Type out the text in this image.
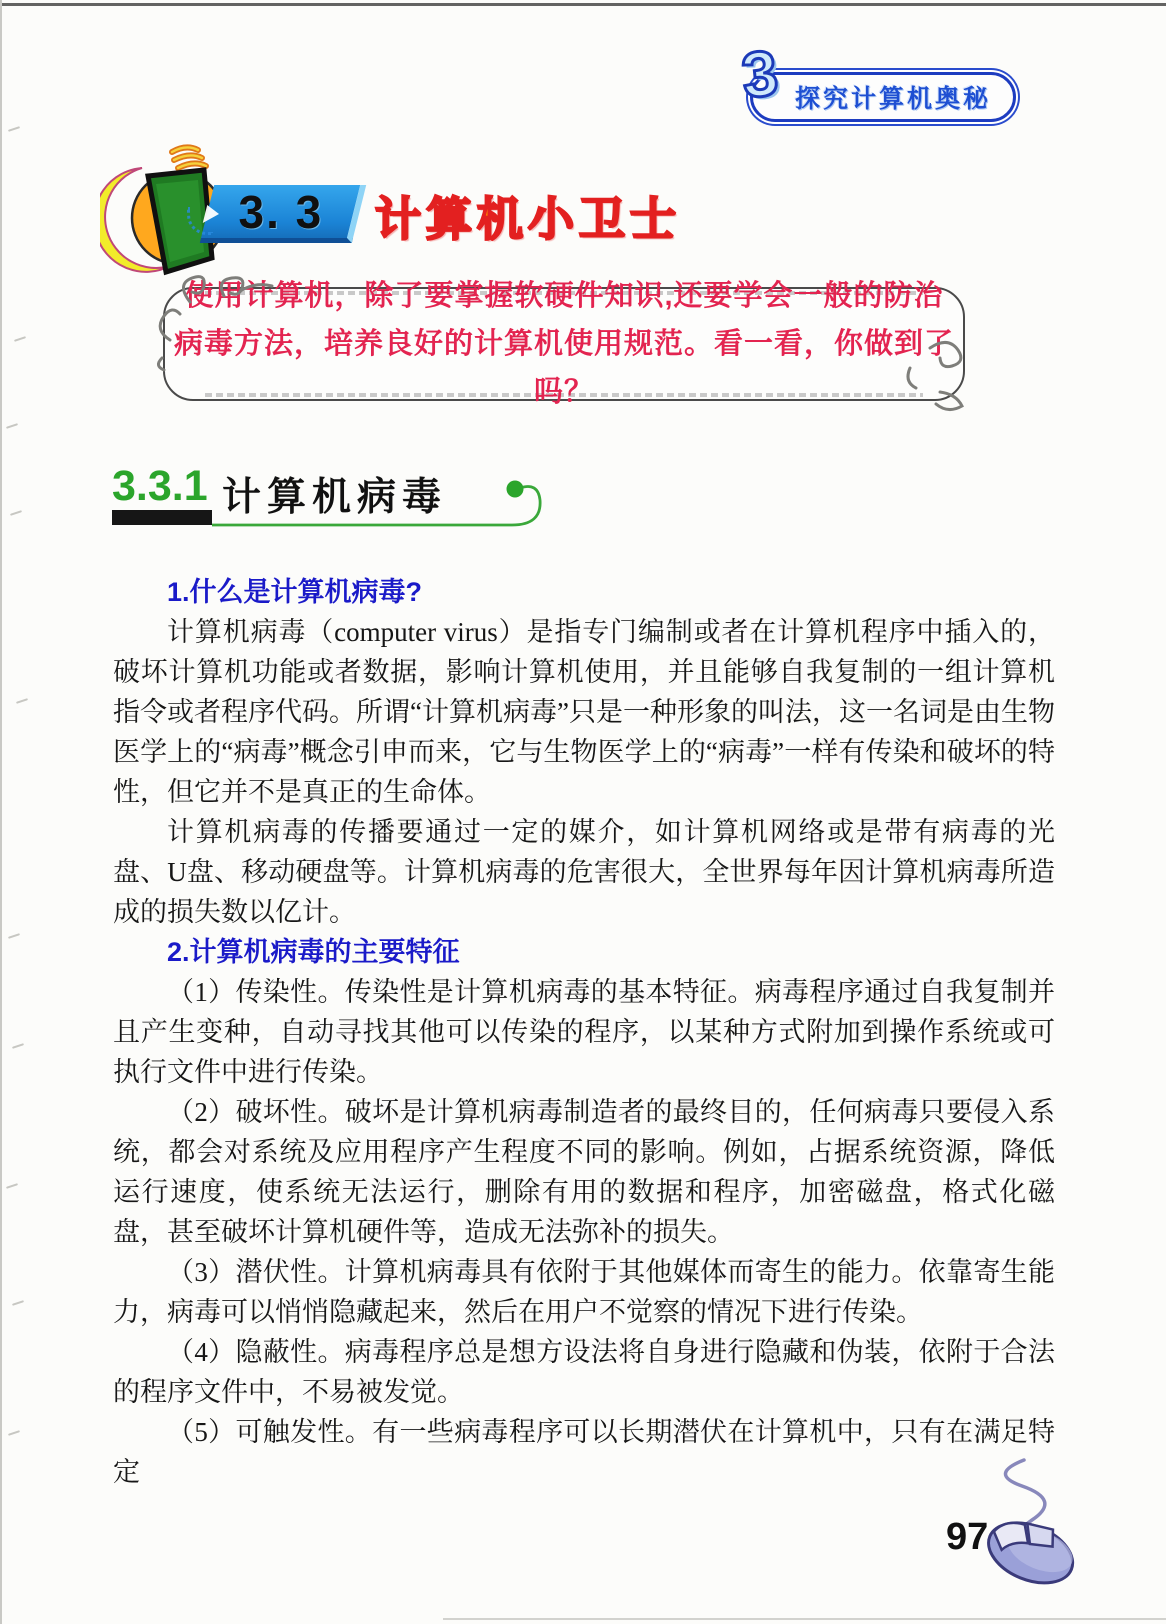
探究计算机奥秘
3
3. 3 计算机小卫士
使用计算机，除了要掌握软硬件知识,还要学会一般的防治
病毒方法，培养良好的计算机使用规范。看一看，你做到了吗？
3.3.1 计算机病毒
1.什么是计算机病毒?

计算机病毒（computer virus）是指专门编制或者在计算机程序中插入的，破坏计算机功能或者数据，影响计算机使用，并且能够自我复制的一组计算机指令或者程序代码。所谓“计算机病毒”只是一种形象的叫法，这一名词是由生物医学上的“病毒”概念引申而来，它与生物医学上的“病毒”一样有传染和破坏的特性，但它并不是真正的生命体。

计算机病毒的传播要通过一定的媒介，如计算机网络或是带有病毒的光盘、U盘、移动硬盘等。计算机病毒的危害很大，全世界每年因计算机病毒所造成的损失数以亿计。

2.计算机病毒的主要特征

（1）传染性。传染性是计算机病毒的基本特征。病毒程序通过自我复制并且产生变种，自动寻找其他可以传染的程序，以某种方式附加到操作系统或可执行文件中进行传染。

（2）破坏性。破坏是计算机病毒制造者的最终目的，任何病毒只要侵入系统，都会对系统及应用程序产生程度不同的影响。例如，占据系统资源，降低运行速度，使系统无法运行，删除有用的数据和程序，加密磁盘，格式化磁盘，甚至破坏计算机硬件等，造成无法弥补的损失。

（3）潜伏性。计算机病毒具有依附于其他媒体而寄生的能力。依靠寄生能力，病毒可以悄悄隐藏起来，然后在用户不觉察的情况下进行传染。

（4）隐蔽性。病毒程序总是想方设法将自身进行隐藏和伪装，依附于合法的程序文件中，不易被发觉。

（5）可触发性。有一些病毒程序可以长期潜伏在计算机中，只有在满足特定

97
